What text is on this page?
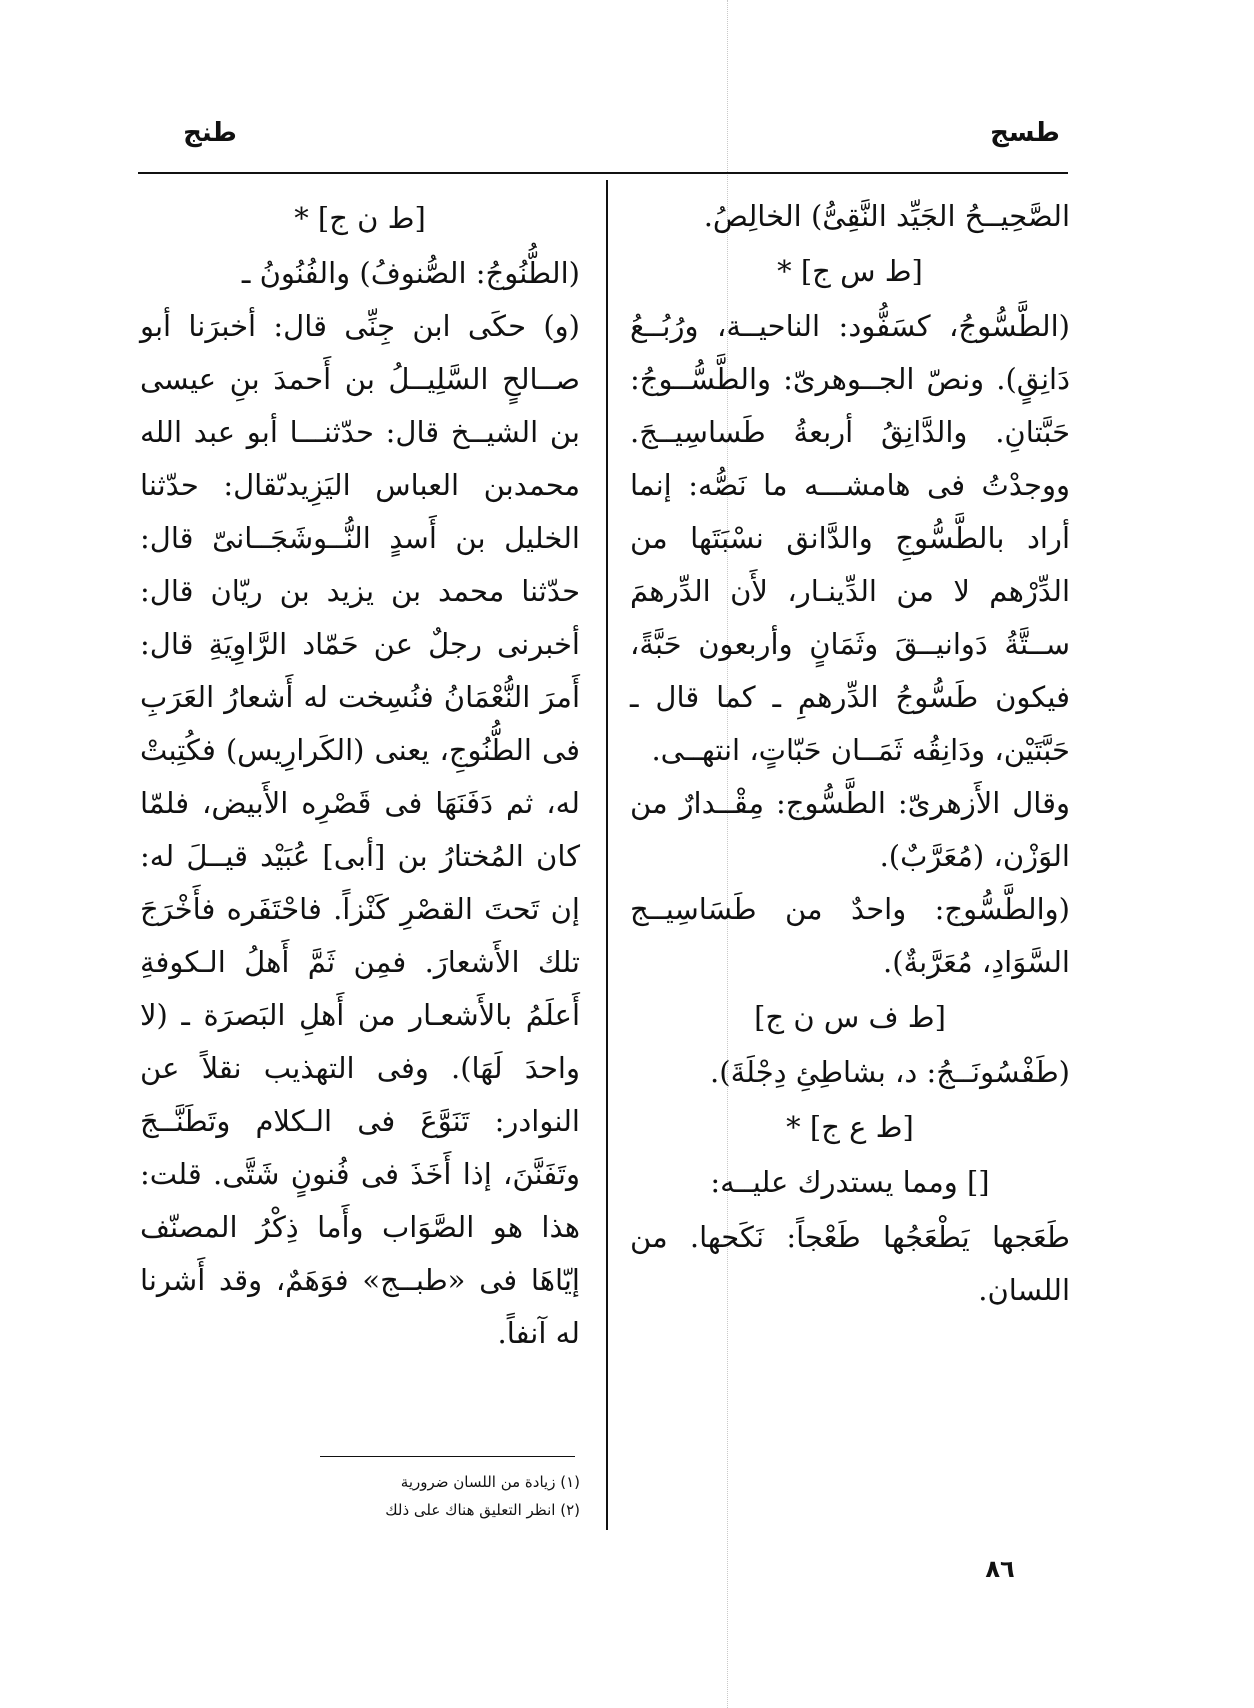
طسج
طنج

الصَّحِيــحُ الجَيِّد النَّقِىُّ) الخالِصُ.

[ط س ج] *

(الطَّسُّوجُ، كسَفُّود: الناحيــة، ورُبُــعُ دَانِقٍ). ونصّ الجــوهرىّ: والطَّسُّــوجُ: حَبَّتانِ. والدَّانِقُ أربعةُ طَساسِيــجَ. ووجدْتُ فى هامشـــه ما نَصُّه: إنما أراد بالطَّسُّوجِ والدَّانق نسْبَتَها من الدِّرْهم لا من الدِّينـار، لأَن الدِّرهمَ ســتَّةُ دَوانيــقَ وثَمَانٍ وأربعون حَبَّةً، فيكون طَسُّوجُ الدِّرهمِ ـ كما قال ـ حَبَّتَيْن، ودَانِقُه ثَمَــان حَبّاتٍ، انتهــى.

وقال الأَزهرىّ: الطَّسُّوج: مِقْــدارٌ من الوَزْن، (مُعَرَّبٌ).

(والطَّسُّوج: واحدٌ من طَسَاسِيــج السَّوَادِ، مُعَرَّبةٌ).

[ط ف س ن ج]

(طَفْسُونَــجُ: د، بشاطِئِ دِجْلَةَ).

[ط ع ج] *

[] ومما يستدرك عليــه:

طَعَجها يَطْعَجُها طَعْجاً: نَكَحها. من اللسان.

[ط ن ج] *

(الطُّنُوجُ: الصُّنوفُ) والفُنُونُ ـ

(و) حكَى ابن جِنِّى قال: أخبرَنا أبو صــالحٍ السَّلِيــلُ بن أَحمدَ بنِ عيسى بن الشيــخ قال: حدّثنـــا أبو عبد الله محمدبن العباس اليَزِيدىّقال: حدّثنا الخليل بن أَسدٍ النُّــوشَجَــانىّ قال: حدّثنا محمد بن يزيد بن ريّان قال: أخبرنى رجلٌ عن حَمّاد الرَّاوِيَةِ قال: أَمرَ النُّعْمَانُ فنُسِخت له أَشعارُ العَرَبِ فى الطُّنُوجِ، يعنى (الكَرارِيس) فكُتِبتْ له، ثم دَفَنَهَا فى قَصْرِه الأَبيض، فلمّا كان المُختارُ بن [أبى] عُبَيْد قيــلَ له: إن تَحتَ القصْرِ كَنْزاً. فاحْتَفَره فأَخْرَجَ تلك الأَشعارَ. فمِن ثَمَّ أَهلُ الـكوفةِ أَعلَمُ بالأَشعـار من أَهلِ البَصرَة ـ (لا واحدَ لَهَا). وفى التهذيب نقلاً عن النوادر: تَنَوَّعَ فى الـكلام وتَطَنَّــجَ وتَفَنَّنَ، إذا أَخَذَ فى فُنونٍ شَتَّى. قلت: هذا هو الصَّوَاب وأَما ذِكْرُ المصنّف إيّاهَا فى «طبــج» فوَهَمٌ، وقد أَشرنا له آنفاً.

(١) زيادة من اللسان ضرورية
(٢) انظر التعليق هناك على ذلك
٨٦
